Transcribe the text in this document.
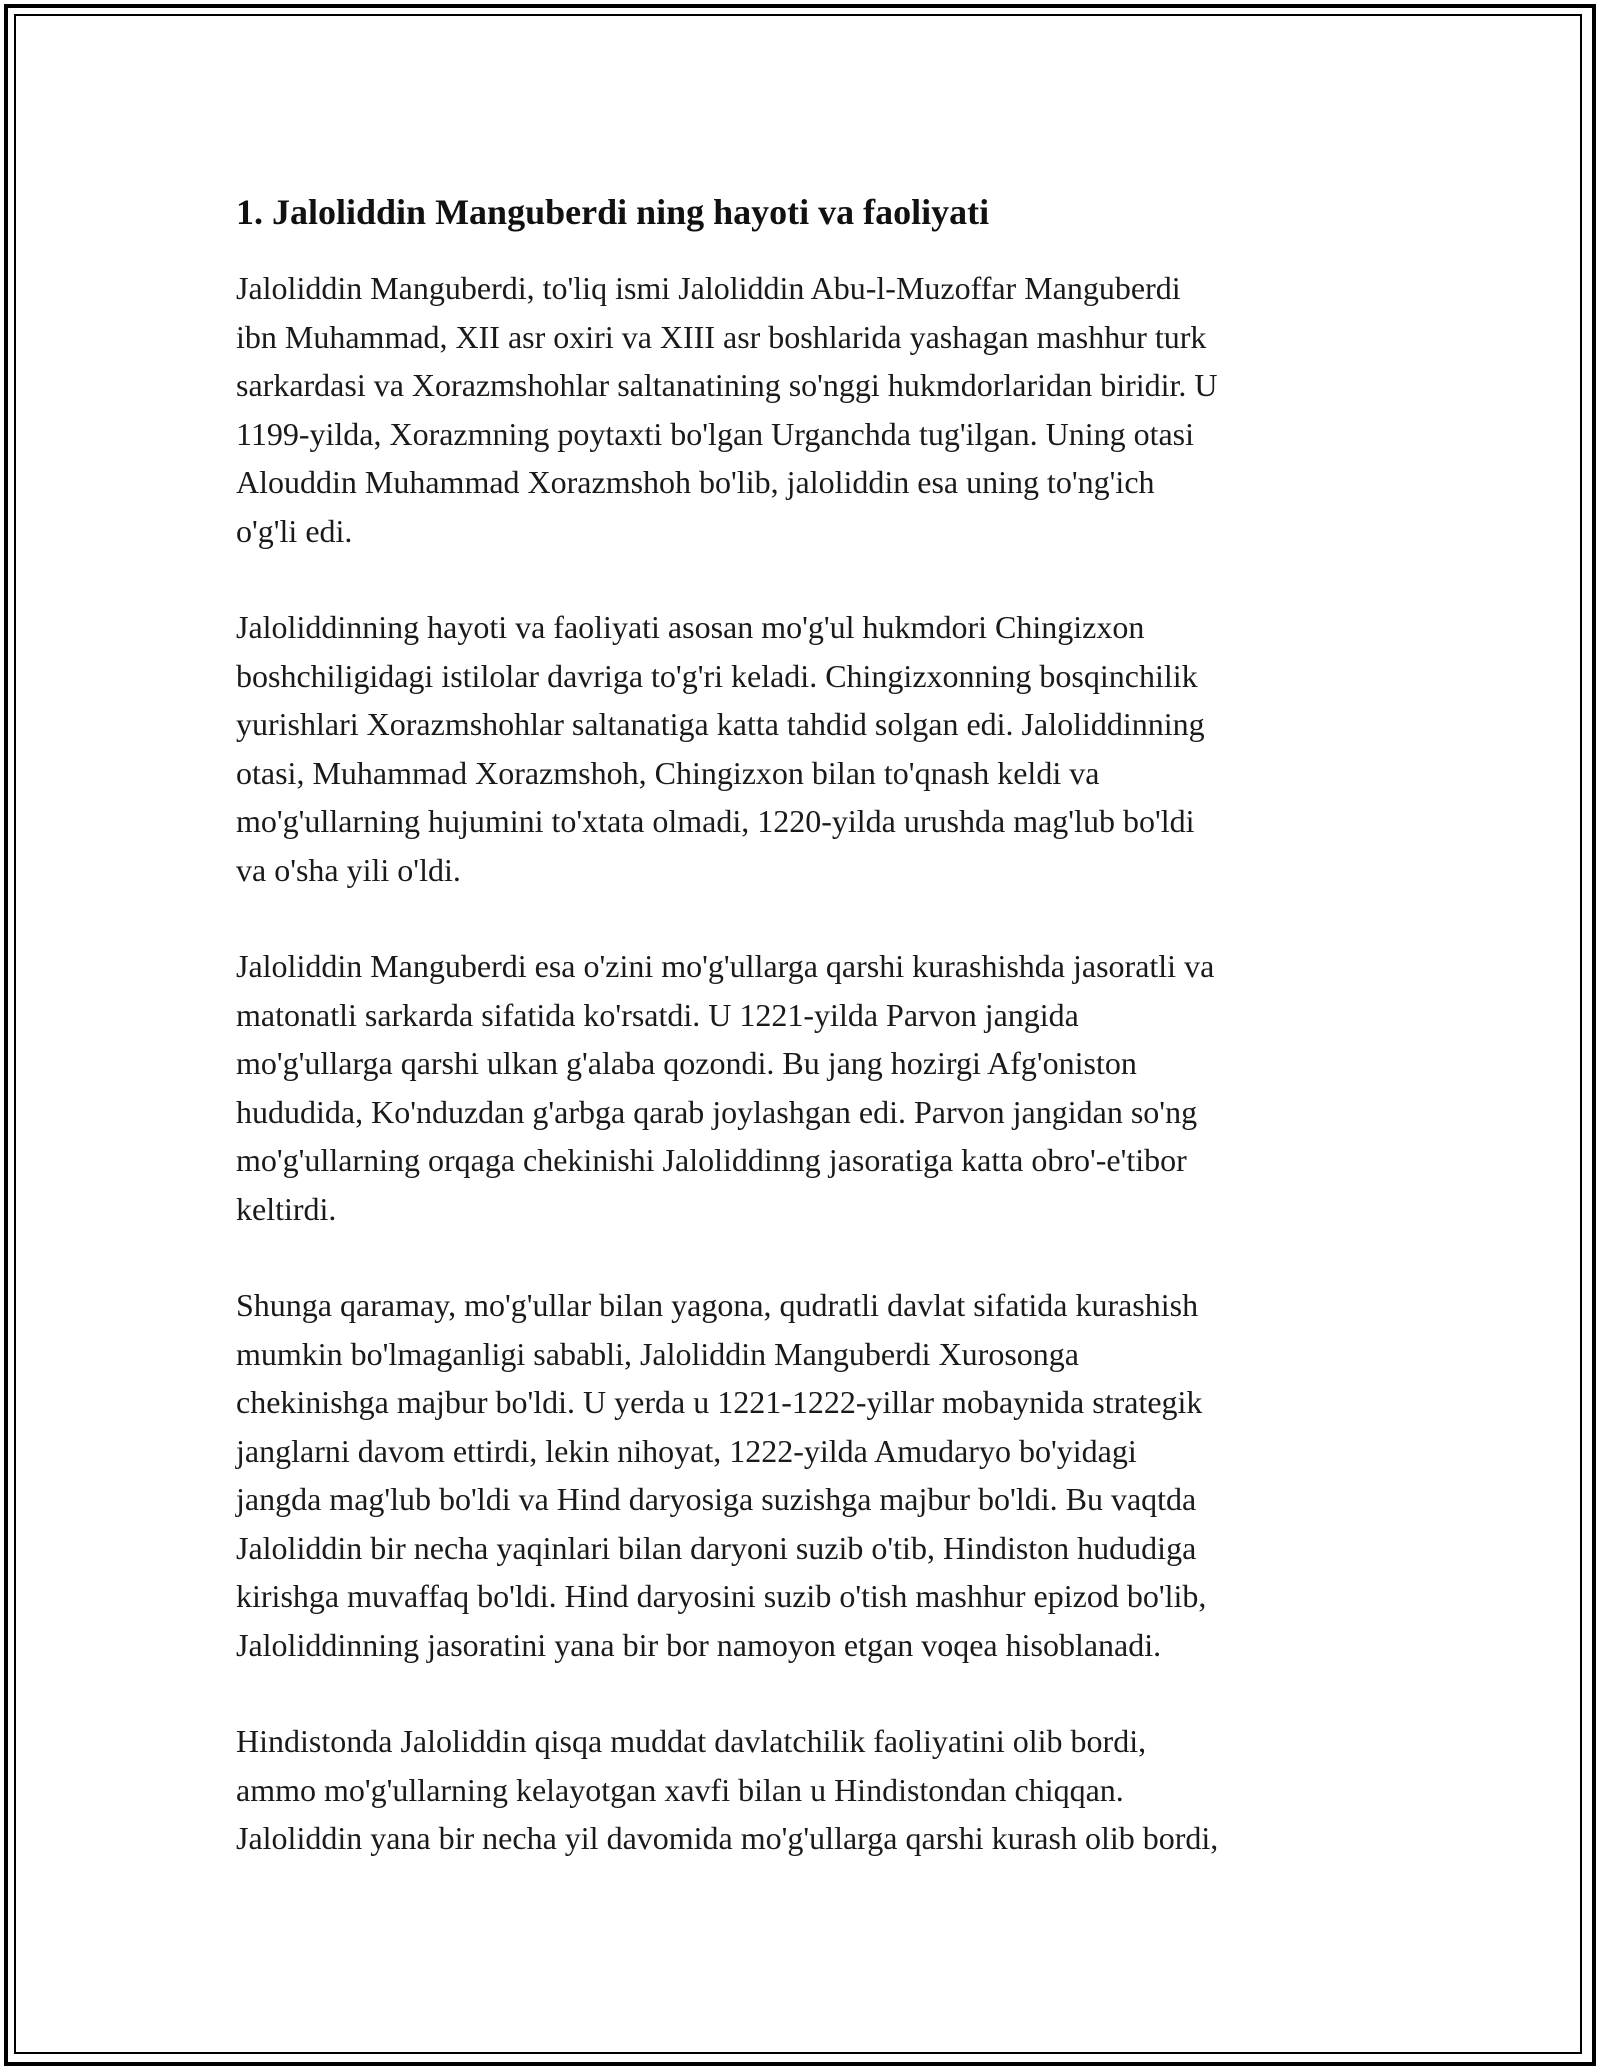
1. Jaloliddin Manguberdi ning hayoti va faoliyati

Jaloliddin Manguberdi, to'liq ismi Jaloliddin Abu-l-Muzoffar Manguberdi
ibn Muhammad, XII asr oxiri va XIII asr boshlarida yashagan mashhur turk
sarkardasi va Xorazmshohlar saltanatining so'nggi hukmdorlaridan biridir. U
1199-yilda, Xorazmning poytaxti bo'lgan Urganchda tug'ilgan. Uning otasi
Alouddin Muhammad Xorazmshoh bo'lib, jaloliddin esa uning to'ng'ich
o'g'li edi.

Jaloliddinning hayoti va faoliyati asosan mo'g'ul hukmdori Chingizxon
boshchiligidagi istilolar davriga to'g'ri keladi. Chingizxonning bosqinchilik
yurishlari Xorazmshohlar saltanatiga katta tahdid solgan edi. Jaloliddinning
otasi, Muhammad Xorazmshoh, Chingizxon bilan to'qnash keldi va
mo'g'ullarning hujumini to'xtata olmadi, 1220-yilda urushda mag'lub bo'ldi
va o'sha yili o'ldi.

Jaloliddin Manguberdi esa o'zini mo'g'ullarga qarshi kurashishda jasoratli va
matonatli sarkarda sifatida ko'rsatdi. U 1221-yilda Parvon jangida
mo'g'ullarga qarshi ulkan g'alaba qozondi. Bu jang hozirgi Afg'oniston
hududida, Ko'nduzdan g'arbga qarab joylashgan edi. Parvon jangidan so'ng
mo'g'ullarning orqaga chekinishi Jaloliddinng jasoratiga katta obro'-e'tibor
keltirdi.

Shunga qaramay, mo'g'ullar bilan yagona, qudratli davlat sifatida kurashish
mumkin bo'lmaganligi sababli, Jaloliddin Manguberdi Xurosonga
chekinishga majbur bo'ldi. U yerda u 1221-1222-yillar mobaynida strategik
janglarni davom ettirdi, lekin nihoyat, 1222-yilda Amudaryo bo'yidagi
jangda mag'lub bo'ldi va Hind daryosiga suzishga majbur bo'ldi. Bu vaqtda
Jaloliddin bir necha yaqinlari bilan daryoni suzib o'tib, Hindiston hududiga
kirishga muvaffaq bo'ldi. Hind daryosini suzib o'tish mashhur epizod bo'lib,
Jaloliddinning jasoratini yana bir bor namoyon etgan voqea hisoblanadi.

Hindistonda Jaloliddin qisqa muddat davlatchilik faoliyatini olib bordi,
ammo mo'g'ullarning kelayotgan xavfi bilan u Hindistondan chiqqan.
Jaloliddin yana bir necha yil davomida mo'g'ullarga qarshi kurash olib bordi,
